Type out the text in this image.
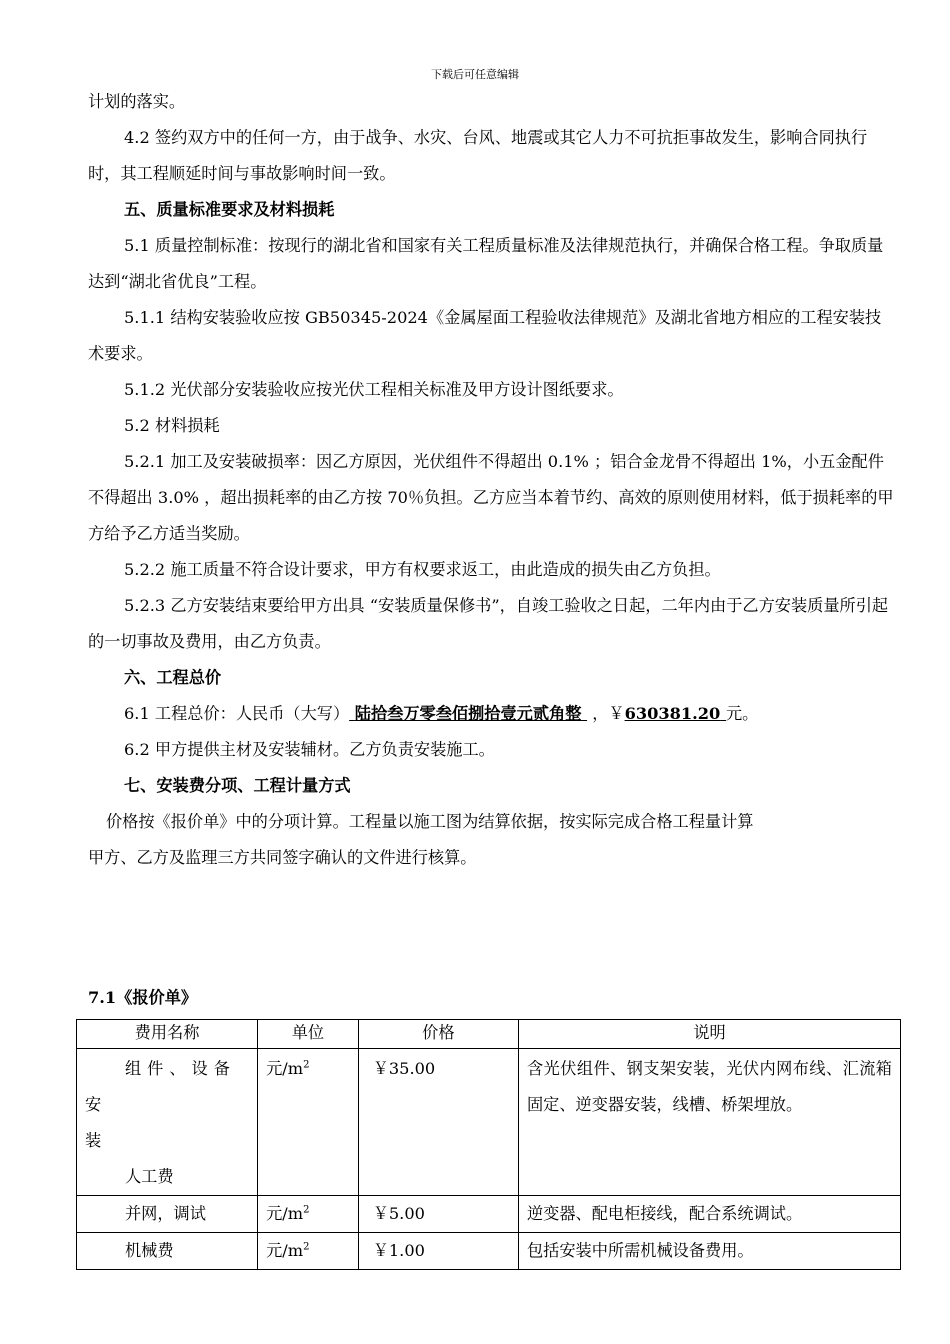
下载后可任意编辑

计划的落实。

4.2 签约双方中的任何一方，由于战争、水灾、台风、地震或其它人力不可抗拒事故发生，影响合同执行时，其工程顺延时间与事故影响时间一致。

五、质量标准要求及材料损耗

5.1 质量控制标准：按现行的湖北省和国家有关工程质量标准及法律规范执行，并确保合格工程。争取质量达到“湖北省优良”工程。

5.1.1 结构安装验收应按 GB50345-2024《金属屋面工程验收法律规范》及湖北省地方相应的工程安装技术要求。

5.1.2 光伏部分安装验收应按光伏工程相关标准及甲方设计图纸要求。

5.2 材料损耗

5.2.1 加工及安装破损率：因乙方原因，光伏组件不得超出 0.1% ；铝合金龙骨不得超出 1%，小五金配件不得超出 3.0% ，超出损耗率的由乙方按 70％负担。乙方应当本着节约、高效的原则使用材料，低于损耗率的甲方给予乙方适当奖励。

5.2.2 施工质量不符合设计要求，甲方有权要求返工，由此造成的损失由乙方负担。

5.2.3 乙方安装结束要给甲方出具 “安装质量保修书”，自竣工验收之日起，二年内由于乙方安装质量所引起的一切事故及费用，由乙方负责。

六、工程总价

6.1 工程总价：人民币（大写） 陆拾叁万零叁佰捌拾壹元贰角整 ，￥630381.20 元。

6.2 甲方提供主材及安装辅材。乙方负责安装施工。

七、安装费分项、工程计量方式

价格按《报价单》中的分项计算。工程量以施工图为结算依据，按实际完成合格工程量计算

甲方、乙方及监理三方共同签字确认的文件进行核算。

7.1《报价单》
费用名称	单位	价格	说明

组件、设备安
装
人工费	元$/m^2$	￥35.00	含光伏组件、钢支架安装，光伏内网布线、汇流箱固定、逆变器安装，线槽、桥架埋放。

并网，调试	元$/m^2$	￥5.00	逆变器、配电柜接线，配合系统调试。

机械费	元$/m^2$	￥1.00	包括安装中所需机械设备费用。
